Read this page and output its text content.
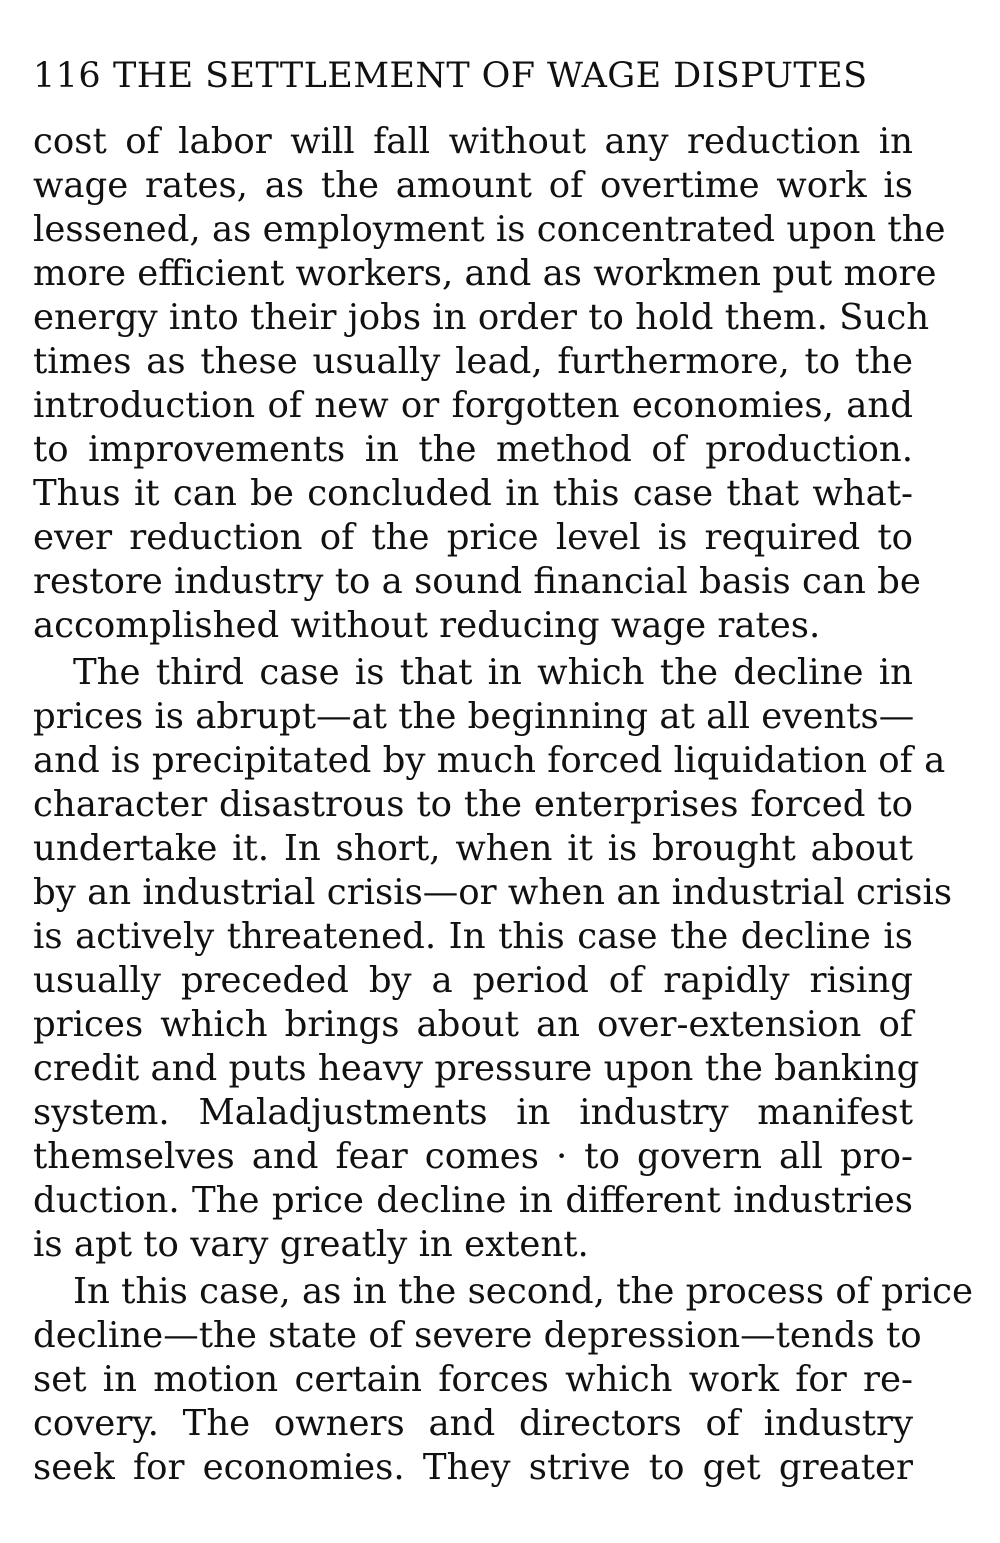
116 THE SETTLEMENT OF WAGE DISPUTES
cost of labor will fall without any reduction in
wage rates, as the amount of overtime work is
lessened, as employment is concentrated upon the
more efficient workers, and as workmen put more
energy into their jobs in order to hold them. Such
times as these usually lead, furthermore, to the
introduction of new or forgotten economies, and
to improvements in the method of production.
Thus it can be concluded in this case that what-
ever reduction of the price level is required to
restore industry to a sound financial basis can be
accomplished without reducing wage rates.
The third case is that in which the decline in
prices is abrupt—at the beginning at all events—
and is precipitated by much forced liquidation of a
character disastrous to the enterprises forced to
undertake it. In short, when it is brought about
by an industrial crisis—or when an industrial crisis
is actively threatened. In this case the decline is
usually preceded by a period of rapidly rising
prices which brings about an over-extension of
credit and puts heavy pressure upon the banking
system. Maladjustments in industry manifest
themselves and fear comes · to govern all pro-
duction. The price decline in different industries
is apt to vary greatly in extent.
In this case, as in the second, the process of price
decline—the state of severe depression—tends to
set in motion certain forces which work for re-
covery. The owners and directors of industry
seek for economies. They strive to get greater
